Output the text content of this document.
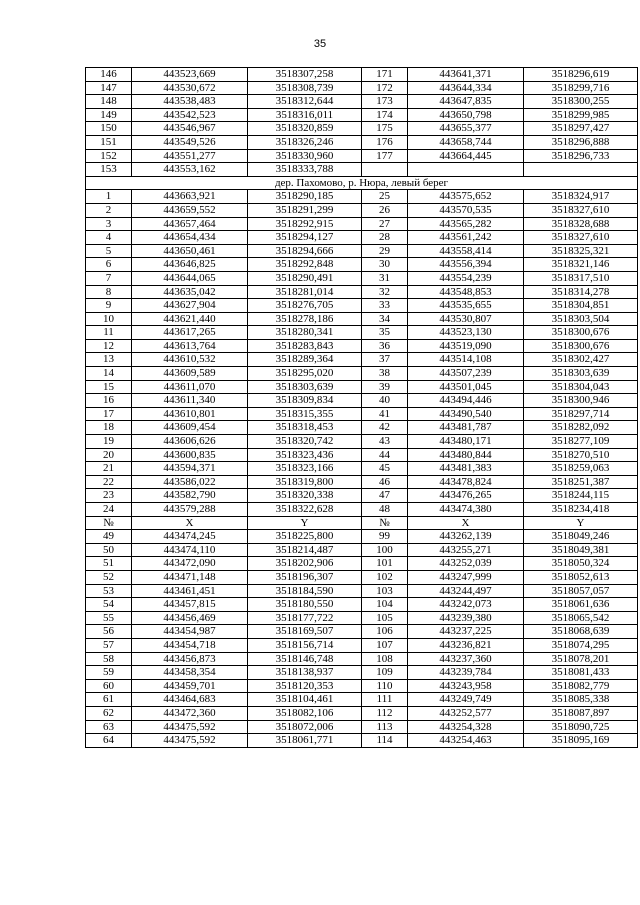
35
146	443523,669	3518307,258	171	443641,371	3518296,619
147	443530,672	3518308,739	172	443644,334	3518299,716
148	443538,483	3518312,644	173	443647,835	3518300,255
149	443542,523	3518316,011	174	443650,798	3518299,985
150	443546,967	3518320,859	175	443655,377	3518297,427
151	443549,526	3518326,246	176	443658,744	3518296,888
152	443551,277	3518330,960	177	443664,445	3518296,733
153	443553,162	3518333,788			
дер. Пахомово, р. Нюра, левый берег					
1	443663,921	3518290,185	25	443575,652	3518324,917
2	443659,552	3518291,299	26	443570,535	3518327,610
3	443657,464	3518292,915	27	443565,282	3518328,688
4	443654,434	3518294,127	28	443561,242	3518327,610
5	443650,461	3518294,666	29	443558,414	3518325,321
6	443646,825	3518292,848	30	443556,394	3518321,146
7	443644,065	3518290,491	31	443554,239	3518317,510
8	443635,042	3518281,014	32	443548,853	3518314,278
9	443627,904	3518276,705	33	443535,655	3518304,851
10	443621,440	3518278,186	34	443530,807	3518303,504
11	443617,265	3518280,341	35	443523,130	3518300,676
12	443613,764	3518283,843	36	443519,090	3518300,676
13	443610,532	3518289,364	37	443514,108	3518302,427
14	443609,589	3518295,020	38	443507,239	3518303,639
15	443611,070	3518303,639	39	443501,045	3518304,043
16	443611,340	3518309,834	40	443494,446	3518300,946
17	443610,801	3518315,355	41	443490,540	3518297,714
18	443609,454	3518318,453	42	443481,787	3518282,092
19	443606,626	3518320,742	43	443480,171	3518277,109
20	443600,835	3518323,436	44	443480,844	3518270,510
21	443594,371	3518323,166	45	443481,383	3518259,063
22	443586,022	3518319,800	46	443478,824	3518251,387
23	443582,790	3518320,338	47	443476,265	3518244,115
24	443579,288	3518322,628	48	443474,380	3518234,418
№	X	Y	№	X	Y
49	443474,245	3518225,800	99	443262,139	3518049,246
50	443474,110	3518214,487	100	443255,271	3518049,381
51	443472,090	3518202,906	101	443252,039	3518050,324
52	443471,148	3518196,307	102	443247,999	3518052,613
53	443461,451	3518184,590	103	443244,497	3518057,057
54	443457,815	3518180,550	104	443242,073	3518061,636
55	443456,469	3518177,722	105	443239,380	3518065,542
56	443454,987	3518169,507	106	443237,225	3518068,639
57	443454,718	3518156,714	107	443236,821	3518074,295
58	443456,873	3518146,748	108	443237,360	3518078,201
59	443458,354	3518138,937	109	443239,784	3518081,433
60	443459,701	3518120,353	110	443243,958	3518082,779
61	443464,683	3518104,461	111	443249,749	3518085,338
62	443472,360	3518082,106	112	443252,577	3518087,897
63	443475,592	3518072,006	113	443254,328	3518090,725
64	443475,592	3518061,771	114	443254,463	3518095,169
